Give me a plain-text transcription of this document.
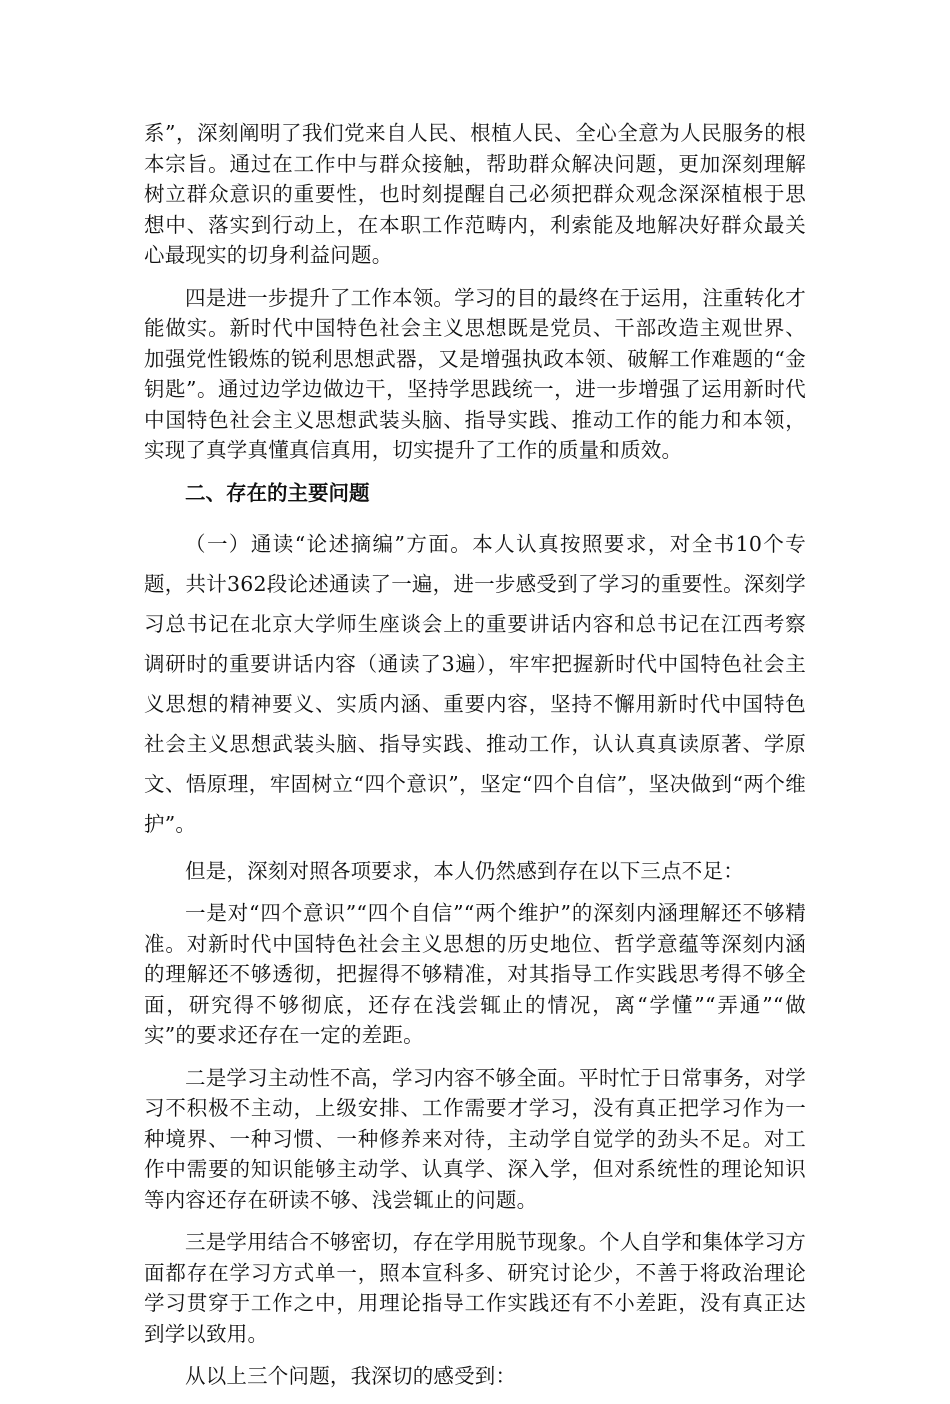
系”，深刻阐明了我们党来自人民、根植人民、全心全意为人民服务的根本宗旨。通过在工作中与群众接触，帮助群众解决问题，更加深刻理解树立群众意识的重要性，也时刻提醒自己必须把群众观念深深植根于思想中、落实到行动上，在本职工作范畴内，利索能及地解决好群众最关心最现实的切身利益问题。

四是进一步提升了工作本领。学习的目的最终在于运用，注重转化才能做实。新时代中国特色社会主义思想既是党员、干部改造主观世界、加强党性锻炼的锐利思想武器，又是增强执政本领、破解工作难题的“金钥匙”。通过边学边做边干，坚持学思践统一，进一步增强了运用新时代中国特色社会主义思想武装头脑、指导实践、推动工作的能力和本领，实现了真学真懂真信真用，切实提升了工作的质量和质效。

二、存在的主要问题

（一）通读“论述摘编”方面。本人认真按照要求，对全书10个专题，共计362段论述通读了一遍，进一步感受到了学习的重要性。深刻学习总书记在北京大学师生座谈会上的重要讲话内容和总书记在江西考察调研时的重要讲话内容（通读了3遍），牢牢把握新时代中国特色社会主义思想的精神要义、实质内涵、重要内容，坚持不懈用新时代中国特色社会主义思想武装头脑、指导实践、推动工作，认认真真读原著、学原文、悟原理，牢固树立“四个意识”，坚定“四个自信”，坚决做到“两个维护”。

但是，深刻对照各项要求，本人仍然感到存在以下三点不足：

一是对“四个意识”“四个自信”“两个维护”的深刻内涵理解还不够精准。对新时代中国特色社会主义思想的历史地位、哲学意蕴等深刻内涵的理解还不够透彻，把握得不够精准，对其指导工作实践思考得不够全面，研究得不够彻底，还存在浅尝辄止的情况，离“学懂”“弄通”“做实”的要求还存在一定的差距。

二是学习主动性不高，学习内容不够全面。平时忙于日常事务，对学习不积极不主动，上级安排、工作需要才学习，没有真正把学习作为一种境界、一种习惯、一种修养来对待，主动学自觉学的劲头不足。对工作中需要的知识能够主动学、认真学、深入学，但对系统性的理论知识等内容还存在研读不够、浅尝辄止的问题。

三是学用结合不够密切，存在学用脱节现象。个人自学和集体学习方面都存在学习方式单一，照本宣科多、研究讨论少，不善于将政治理论学习贯穿于工作之中，用理论指导工作实践还有不小差距，没有真正达到学以致用。

从以上三个问题，我深切的感受到：
